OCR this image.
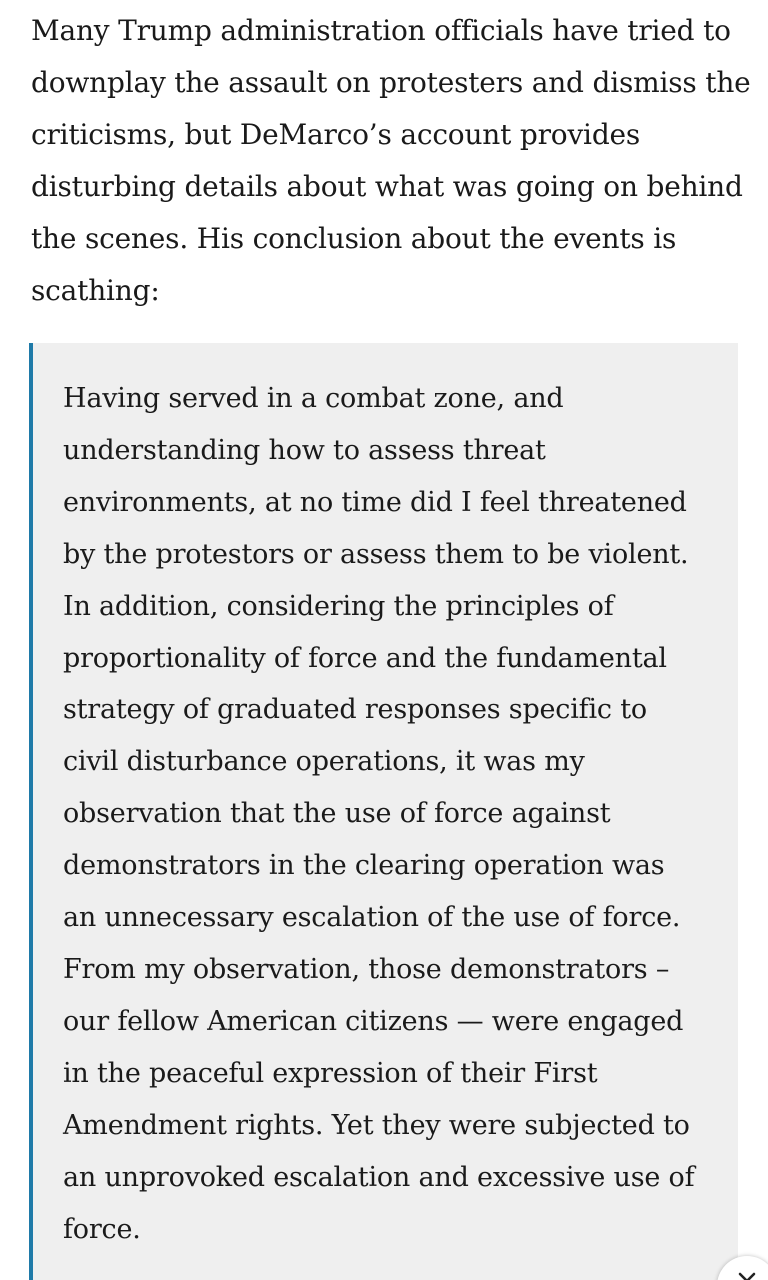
Many Trump administration officials have tried to
downplay the assault on protesters and dismiss the
criticisms, but DeMarco’s account provides
disturbing details about what was going on behind
the scenes. His conclusion about the events is
scathing:

Having served in a combat zone, and
understanding how to assess threat
environments, at no time did I feel threatened
by the protestors or assess them to be violent.
In addition, considering the principles of
proportionality of force and the fundamental
strategy of graduated responses specific to
civil disturbance operations, it was my
observation that the use of force against
demonstrators in the clearing operation was
an unnecessary escalation of the use of force.
From my observation, those demonstrators –
our fellow American citizens — were engaged
in the peaceful expression of their First
Amendment rights. Yet they were subjected to
an unprovoked escalation and excessive use of
force.
